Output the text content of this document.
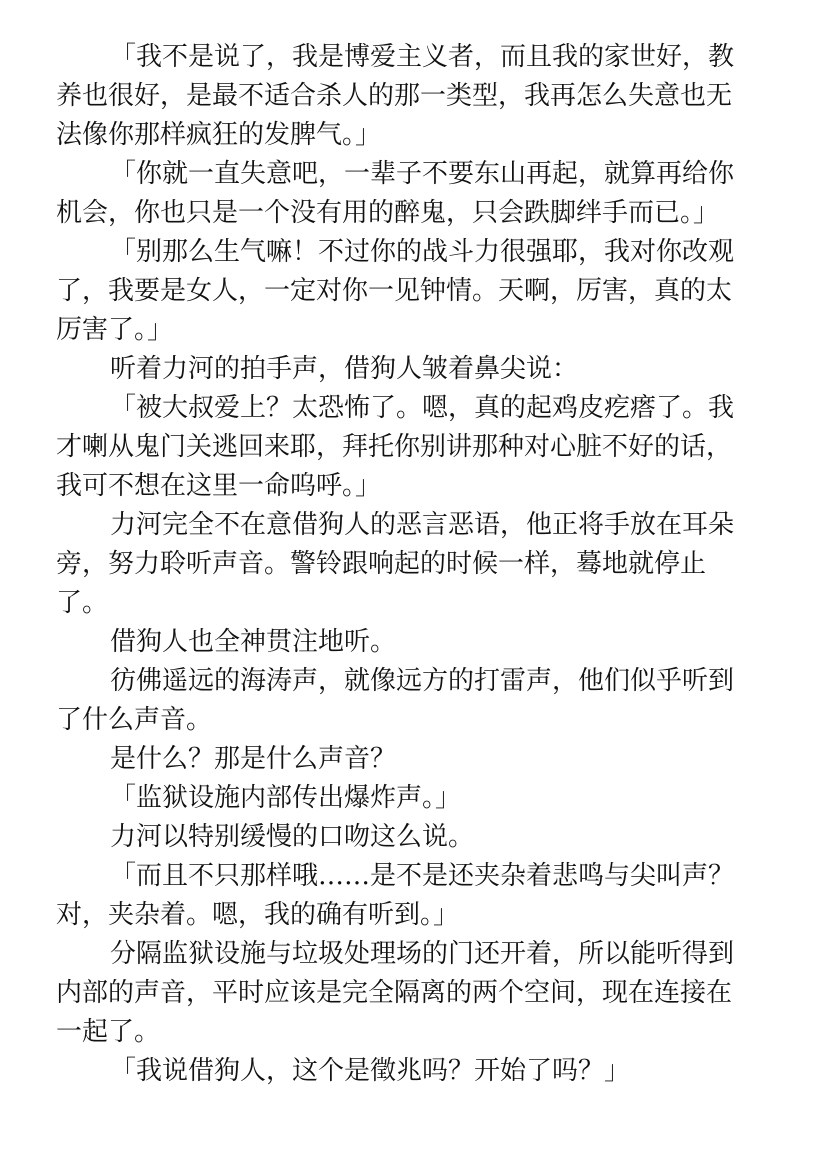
「我不是说了，我是博爱主义者，而且我的家世好，教养也很好，是最不适合杀人的那一类型，我再怎么失意也无法像你那样疯狂的发脾气。」

「你就一直失意吧，一辈子不要东山再起，就算再给你机会，你也只是一个没有用的醉鬼，只会跌脚绊手而已。」

「别那么生气嘛！不过你的战斗力很强耶，我对你改观了，我要是女人，一定对你一见钟情。天啊，厉害，真的太厉害了。」

听着力河的拍手声，借狗人皱着鼻尖说：

「被大叔爱上？太恐怖了。嗯，真的起鸡皮疙瘩了。我才喇从鬼门关逃回来耶，拜托你别讲那种对心脏不好的话，我可不想在这里一命呜呼。」

力河完全不在意借狗人的恶言恶语，他正将手放在耳朵旁，努力聆听声音。警铃跟响起的时候一样，蓦地就停止了。

借狗人也全神贯注地听。

彷佛遥远的海涛声，就像远方的打雷声，他们似乎听到了什么声音。

是什么？那是什么声音？

「监狱设施内部传出爆炸声。」

力河以特别缓慢的口吻这么说。

「而且不只那样哦……是不是还夹杂着悲鸣与尖叫声？对，夹杂着。嗯，我的确有听到。」

分隔监狱设施与垃圾处理场的门还开着，所以能听得到内部的声音，平时应该是完全隔离的两个空间，现在连接在一起了。

「我说借狗人，这个是徵兆吗？开始了吗？」
